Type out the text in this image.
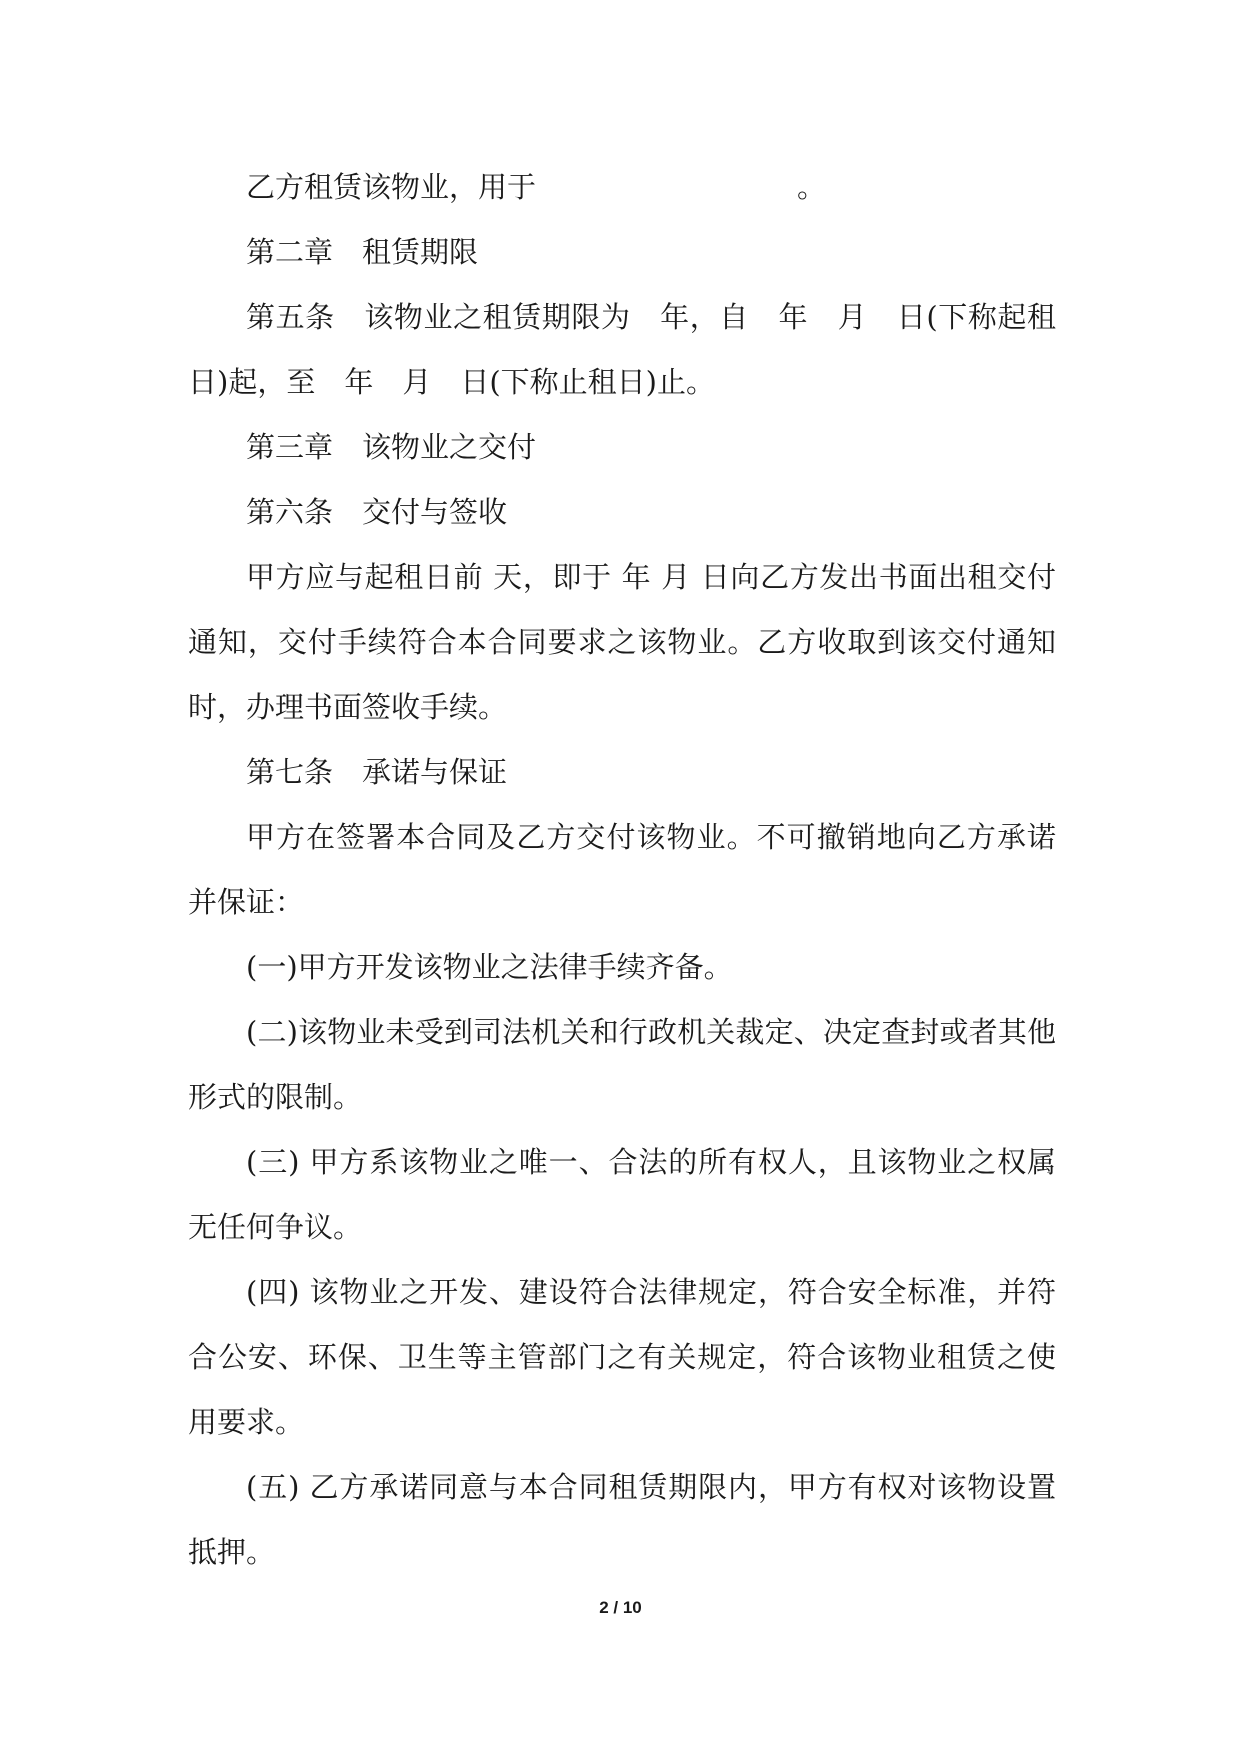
乙方租赁该物业，用于　　　　　　　　　。

第二章　租赁期限

第五条　该物业之租赁期限为　年，自　年　月　日(下称起租日)起，至　年　月　日(下称止租日)止。

第三章　该物业之交付

第六条　交付与签收

甲方应与起租日前 天，即于 年 月 日向乙方发出书面出租交付通知，交付手续符合本合同要求之该物业。乙方收取到该交付通知时，办理书面签收手续。

第七条　承诺与保证

甲方在签署本合同及乙方交付该物业。不可撤销地向乙方承诺并保证：

(一)甲方开发该物业之法律手续齐备。

(二)该物业未受到司法机关和行政机关裁定、决定查封或者其他形式的限制。

(三) 甲方系该物业之唯一、合法的所有权人，且该物业之权属无任何争议。

(四) 该物业之开发、建设符合法律规定，符合安全标准，并符合公安、环保、卫生等主管部门之有关规定，符合该物业租赁之使用要求。

(五) 乙方承诺同意与本合同租赁期限内，甲方有权对该物设置抵押。

2 / 10
